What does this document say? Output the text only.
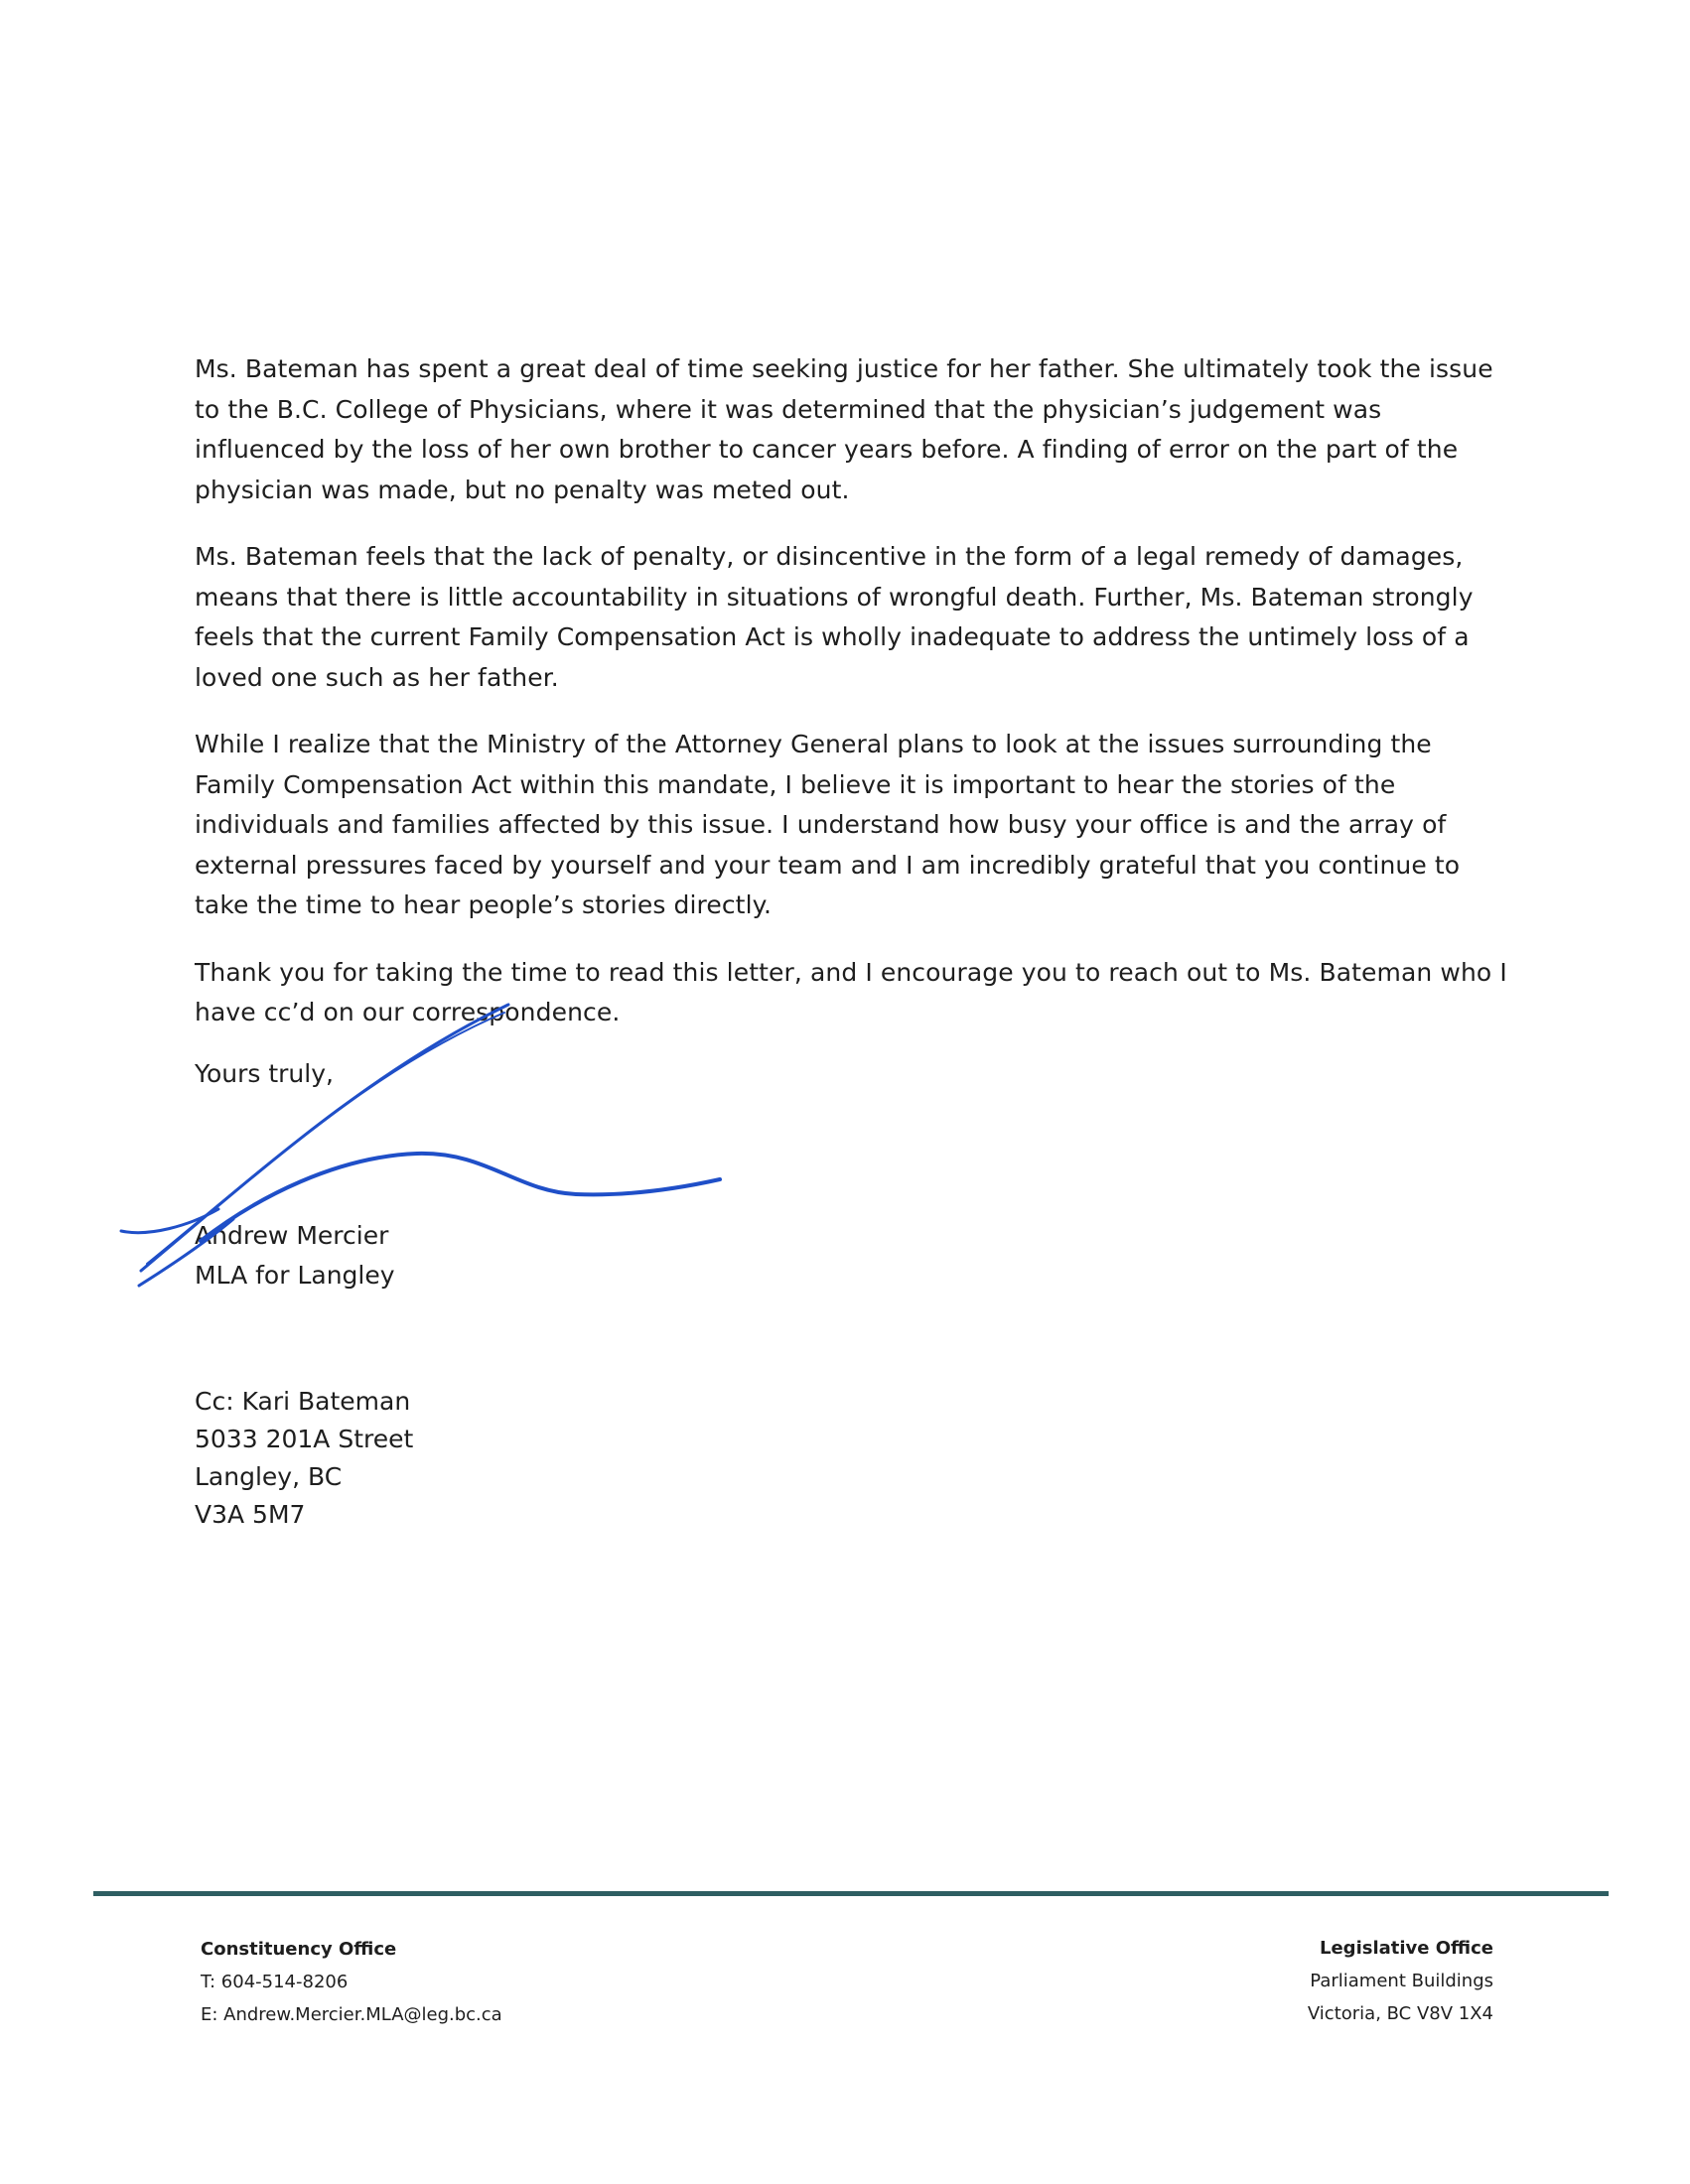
Ms. Bateman has spent a great deal of time seeking justice for her father. She ultimately took the issue
to the B.C. College of Physicians, where it was determined that the physician’s judgement was
influenced by the loss of her own brother to cancer years before. A finding of error on the part of the
physician was made, but no penalty was meted out.

Ms. Bateman feels that the lack of penalty, or disincentive in the form of a legal remedy of damages,
means that there is little accountability in situations of wrongful death. Further, Ms. Bateman strongly
feels that the current Family Compensation Act is wholly inadequate to address the untimely loss of a
loved one such as her father.

While I realize that the Ministry of the Attorney General plans to look at the issues surrounding the
Family Compensation Act within this mandate, I believe it is important to hear the stories of the
individuals and families affected by this issue. I understand how busy your office is and the array of
external pressures faced by yourself and your team and I am incredibly grateful that you continue to
take the time to hear people’s stories directly.

Thank you for taking the time to read this letter, and I encourage you to reach out to Ms. Bateman who I
have cc’d on our correspondence.

Yours truly,
Andrew Mercier
MLA for Langley
Cc: Kari Bateman
5033 201A Street
Langley, BC
V3A 5M7
Constituency Office
T: 604-514-8206
E: Andrew.Mercier.MLA@leg.bc.ca
Legislative Office
Parliament Buildings
Victoria, BC V8V 1X4
